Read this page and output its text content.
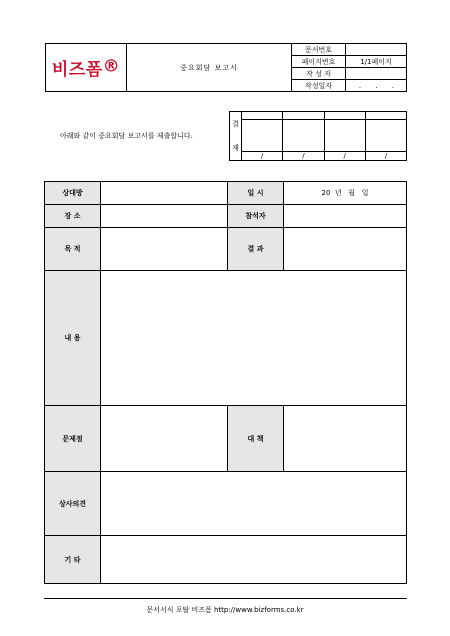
비즈폼®	중요회담 보고서	문서번호	
		페이지번호	1/1페이지
		작 성 자	
		작성일자	. . .
아래와 같이 중요회담 보고서를 제출합니다.
결
재				

	/	/	/	/
상대방		일 시	20  년   월   일
장 소		참석자	
목 적		결 과	
내 용			
문제점		대 책	
상사의견			
기 타			
문서서식 포탈 비즈폼 http://www.bizforms.co.kr
